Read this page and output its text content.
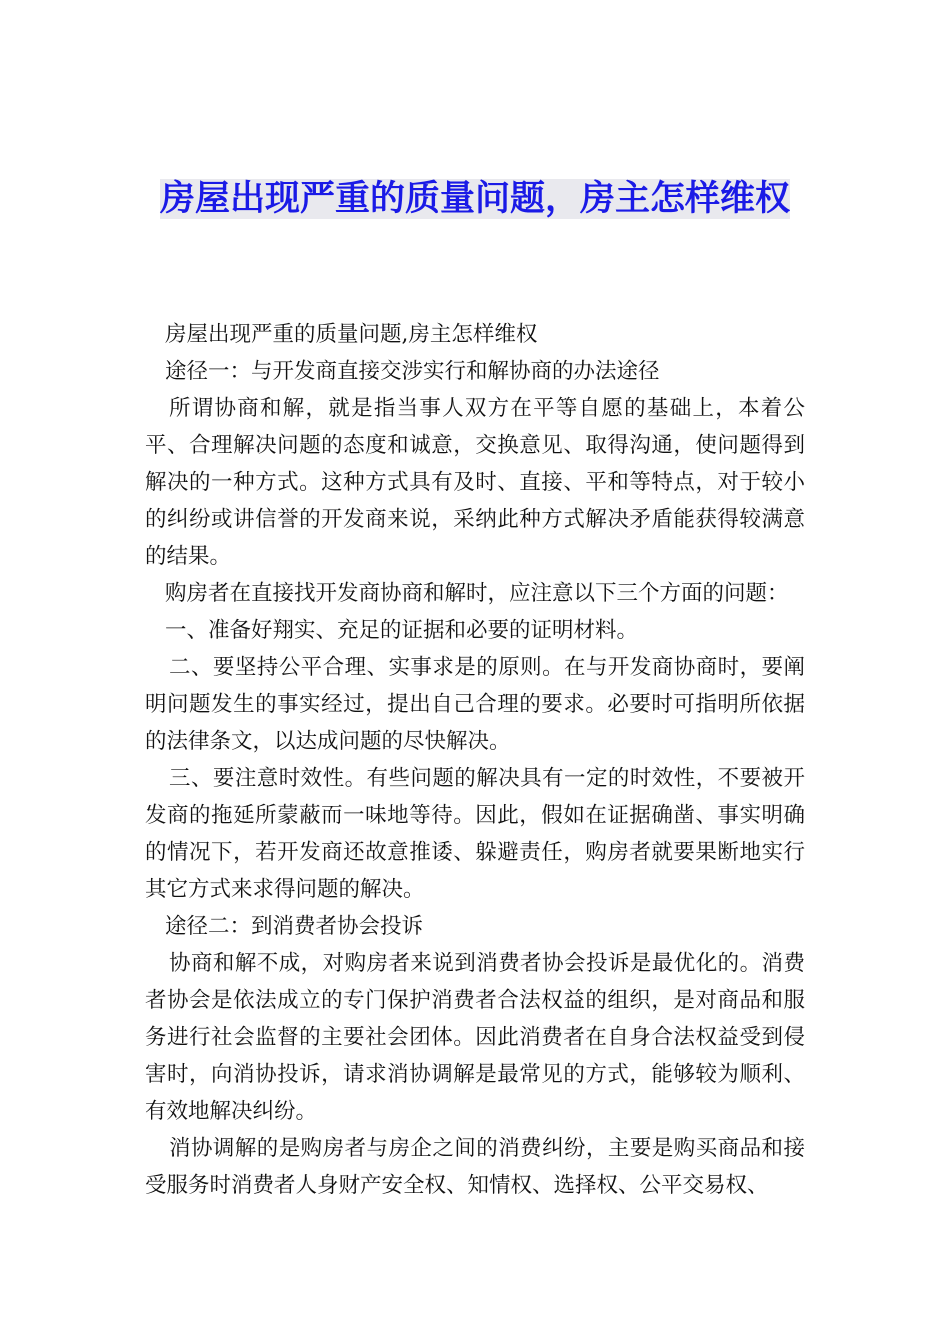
房屋出现严重的质量问题，房主怎样维权

房屋出现严重的质量问题,房主怎样维权

途径一：与开发商直接交涉实行和解协商的办法途径

所谓协商和解，就是指当事人双方在平等自愿的基础上，本着公平、合理解决问题的态度和诚意，交换意见、取得沟通，使问题得到解决的一种方式。这种方式具有及时、直接、平和等特点，对于较小的纠纷或讲信誉的开发商来说，采纳此种方式解决矛盾能获得较满意的结果。

购房者在直接找开发商协商和解时，应注意以下三个方面的问题：

一、准备好翔实、充足的证据和必要的证明材料。

二、要坚持公平合理、实事求是的原则。在与开发商协商时，要阐明问题发生的事实经过，提出自己合理的要求。必要时可指明所依据的法律条文，以达成问题的尽快解决。

三、要注意时效性。有些问题的解决具有一定的时效性，不要被开发商的拖延所蒙蔽而一味地等待。因此，假如在证据确凿、事实明确的情况下，若开发商还故意推诿、躲避责任，购房者就要果断地实行其它方式来求得问题的解决。

途径二：到消费者协会投诉

协商和解不成，对购房者来说到消费者协会投诉是最优化的。消费者协会是依法成立的专门保护消费者合法权益的组织，是对商品和服务进行社会监督的主要社会团体。因此消费者在自身合法权益受到侵害时，向消协投诉，请求消协调解是最常见的方式，能够较为顺利、有效地解决纠纷。

消协调解的是购房者与房企之间的消费纠纷，主要是购买商品和接受服务时消费者人身财产安全权、知情权、选择权、公平交易权、
